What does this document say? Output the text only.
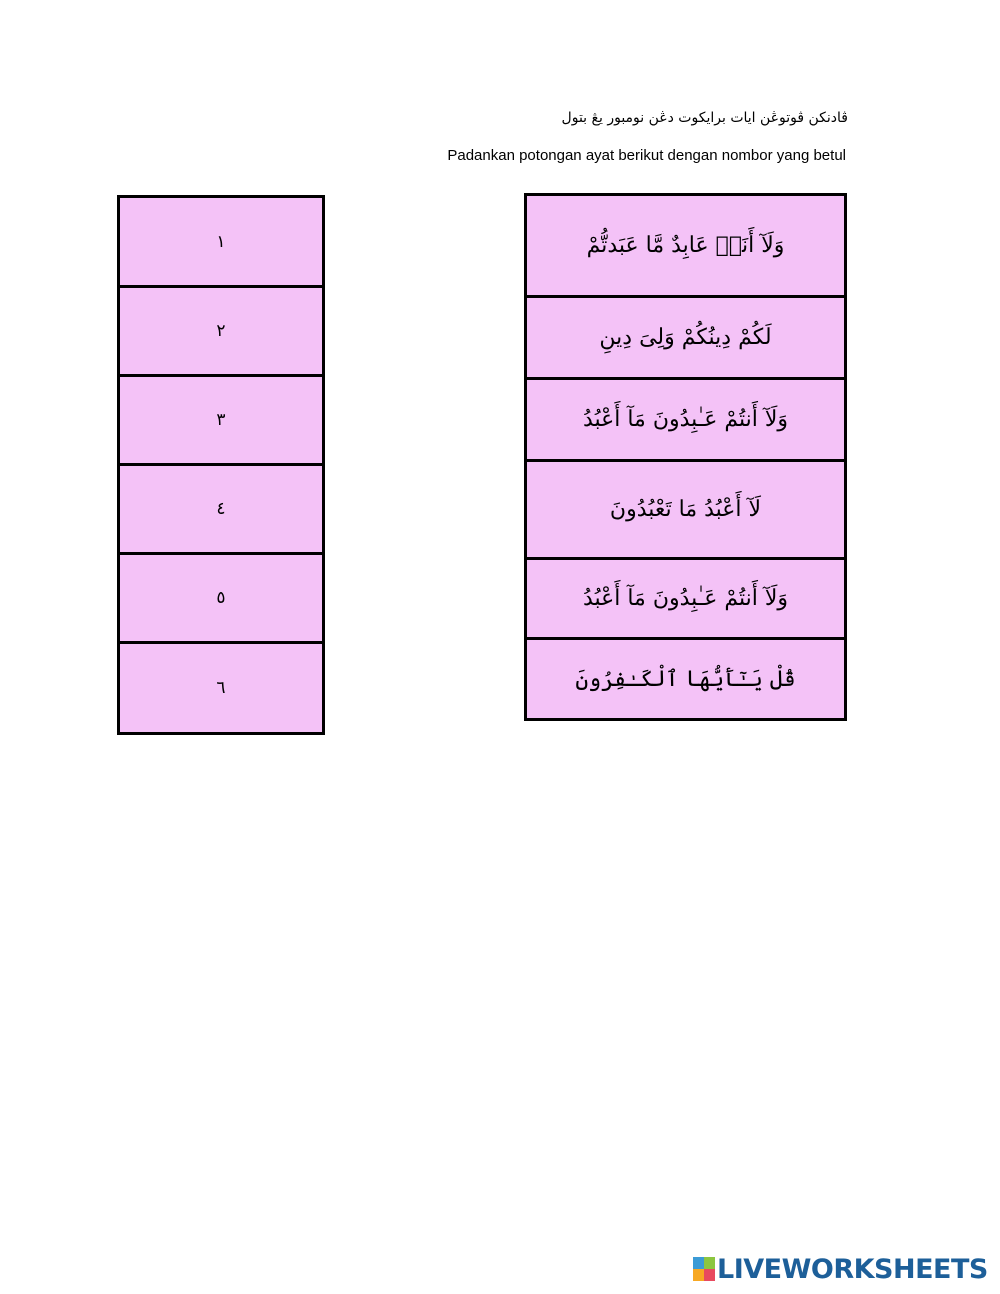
ڤادنكن ڤوتوڠن ايات برايكوت دڠن نومبور يڠ بتول
Padankan potongan ayat berikut dengan nombor yang betul
١
٢
٣
٤
٥
٦
وَلَآ أَنَا۠ عَابِدٌ مَّا عَبَدتُّمْ
لَكُمْ دِينُكُمْ وَلِىَ دِينِ
وَلَآ أَنتُمْ عَـٰبِدُونَ مَآ أَعْبُدُ
لَآ أَعْبُدُ مَا تَعْبُدُونَ
وَلَآ أَنتُمْ عَـٰبِدُونَ مَآ أَعْبُدُ
قُلْ يَـٰٓأَيُّهَا ٱلْكَـٰفِرُونَ
LIVEWORKSHEETS
